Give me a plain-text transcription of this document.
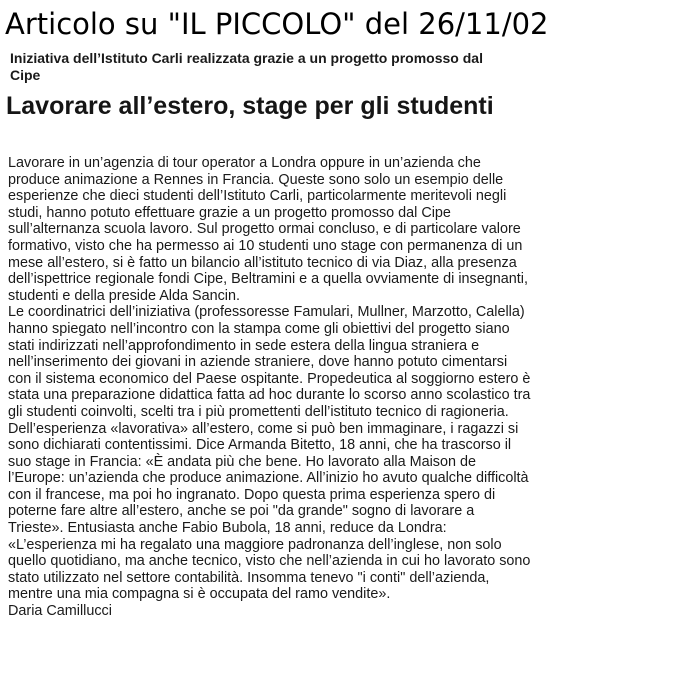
Articolo su "IL PICCOLO" del 26/11/02

Iniziativa dell’Istituto Carli realizzata grazie a un progetto promosso dal
Cipe

Lavorare all’estero, stage per gli studenti
Lavorare in un’agenzia di tour operator a Londra oppure in un’azienda che
produce animazione a Rennes in Francia. Queste sono solo un esempio delle
esperienze che dieci studenti dell’Istituto Carli, particolarmente meritevoli negli
studi, hanno potuto effettuare grazie a un progetto promosso dal Cipe
sull’alternanza scuola lavoro. Sul progetto ormai concluso, e di particolare valore
formativo, visto che ha permesso ai 10 studenti uno stage con permanenza di un
mese all’estero, si è fatto un bilancio all’istituto tecnico di via Diaz, alla presenza
dell’ispettrice regionale fondi Cipe, Beltramini e a quella ovviamente di insegnanti,
studenti e della preside Alda Sancin.
Le coordinatrici dell’iniziativa (professoresse Famulari, Mullner, Marzotto, Calella)
hanno spiegato nell’incontro con la stampa come gli obiettivi del progetto siano
stati indirizzati nell’approfondimento in sede estera della lingua straniera e
nell’inserimento dei giovani in aziende straniere, dove hanno potuto cimentarsi
con il sistema economico del Paese ospitante. Propedeutica al soggiorno estero è
stata una preparazione didattica fatta ad hoc durante lo scorso anno scolastico tra
gli studenti coinvolti, scelti tra i più promettenti dell’istituto tecnico di ragioneria.
Dell’esperienza «lavorativa» all’estero, come si può ben immaginare, i ragazzi si
sono dichiarati contentissimi. Dice Armanda Bitetto, 18 anni, che ha trascorso il
suo stage in Francia: «È andata più che bene. Ho lavorato alla Maison de
l’Europe: un’azienda che produce animazione. All’inizio ho avuto qualche difficoltà
con il francese, ma poi ho ingranato. Dopo questa prima esperienza spero di
poterne fare altre all’estero, anche se poi "da grande" sogno di lavorare a
Trieste». Entusiasta anche Fabio Bubola, 18 anni, reduce da Londra:
«L’esperienza mi ha regalato una maggiore padronanza dell’inglese, non solo
quello quotidiano, ma anche tecnico, visto che nell’azienda in cui ho lavorato sono
stato utilizzato nel settore contabilità. Insomma tenevo "i conti" dell’azienda,
mentre una mia compagna si è occupata del ramo vendite».
Daria Camillucci
